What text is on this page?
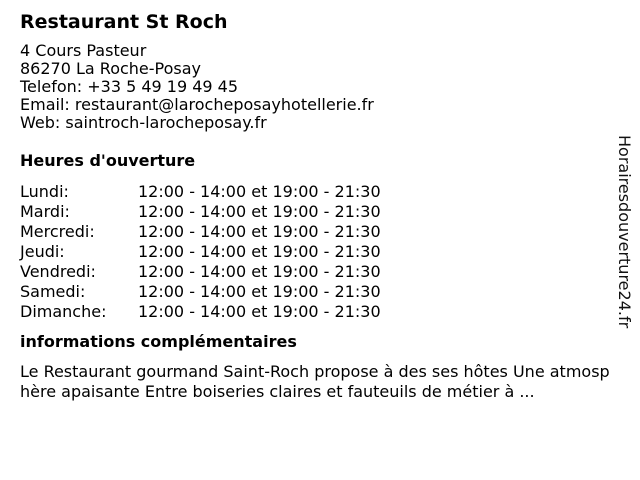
Restaurant St Roch
4 Cours Pasteur
86270 La Roche-Posay
Telefon: +33 5 49 19 49 45
Email: restaurant@larocheposayhotellerie.fr
Web: saintroch-larocheposay.fr
Heures d'ouverture
Lundi:	12:00 - 14:00 et 19:00 - 21:30
Mardi:	12:00 - 14:00 et 19:00 - 21:30
Mercredi:	12:00 - 14:00 et 19:00 - 21:30
Jeudi:	12:00 - 14:00 et 19:00 - 21:30
Vendredi:	12:00 - 14:00 et 19:00 - 21:30
Samedi:	12:00 - 14:00 et 19:00 - 21:30
Dimanche: 12:00 - 14:00 et 19:00 - 21:30
informations complémentaires

Le Restaurant gourmand Saint-Roch propose à des ses hôtes Une atmosphère apaisante Entre boiseries claires et fauteuils de métier à ...

Horairesdouverture24.fr
